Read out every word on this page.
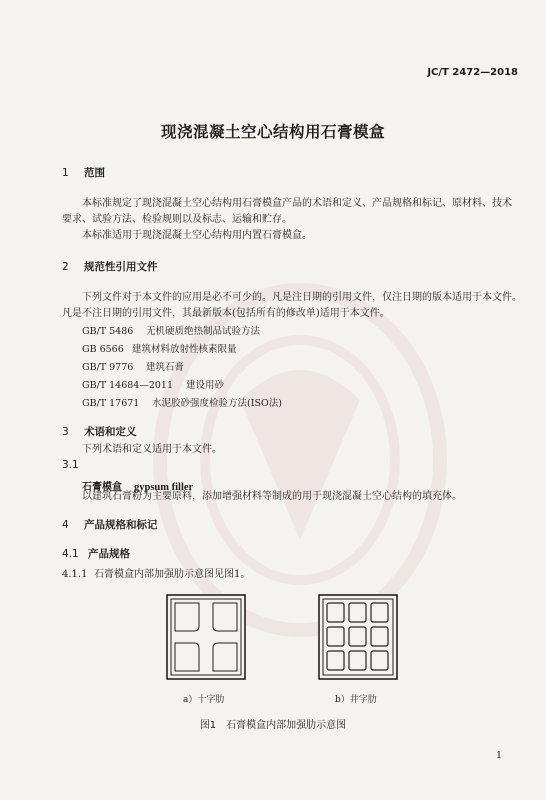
JC/T 2472—2018
现浇混凝土空心结构用石膏模盒
1 范围
本标准规定了现浇混凝土空心结构用石膏模盒产品的术语和定义、产品规格和标记、原材料、技术
要求、试验方法、检验规则以及标志、运输和贮存。
本标准适用于现浇混凝土空心结构用内置石膏模盒。
2 规范性引用文件
下列文件对于本文件的应用是必不可少的。凡是注日期的引用文件，仅注日期的版本适用于本文件。
凡是不注日期的引用文件，其最新版本(包括所有的修改单)适用于本文件。
GB/T 5486 无机硬质绝热制品试验方法
GB 6566 建筑材料放射性核素限量
GB/T 9776 建筑石膏
GB/T 14684—2011 建设用砂
GB/T 17671 水泥胶砂强度检验方法(ISO法)
3 术语和定义
下列术语和定义适用于本文件。
3.1
石膏模盒 gypsum filler
以建筑石膏粉为主要原料，添加增强材料等制成的用于现浇混凝土空心结构的填充体。
4 产品规格和标记
4.1 产品规格
4.1.1 石膏模盒内部加强肋示意图见图1。
a）十字肋	b）井字肋
图1　石膏模盒内部加强肋示意图
1
